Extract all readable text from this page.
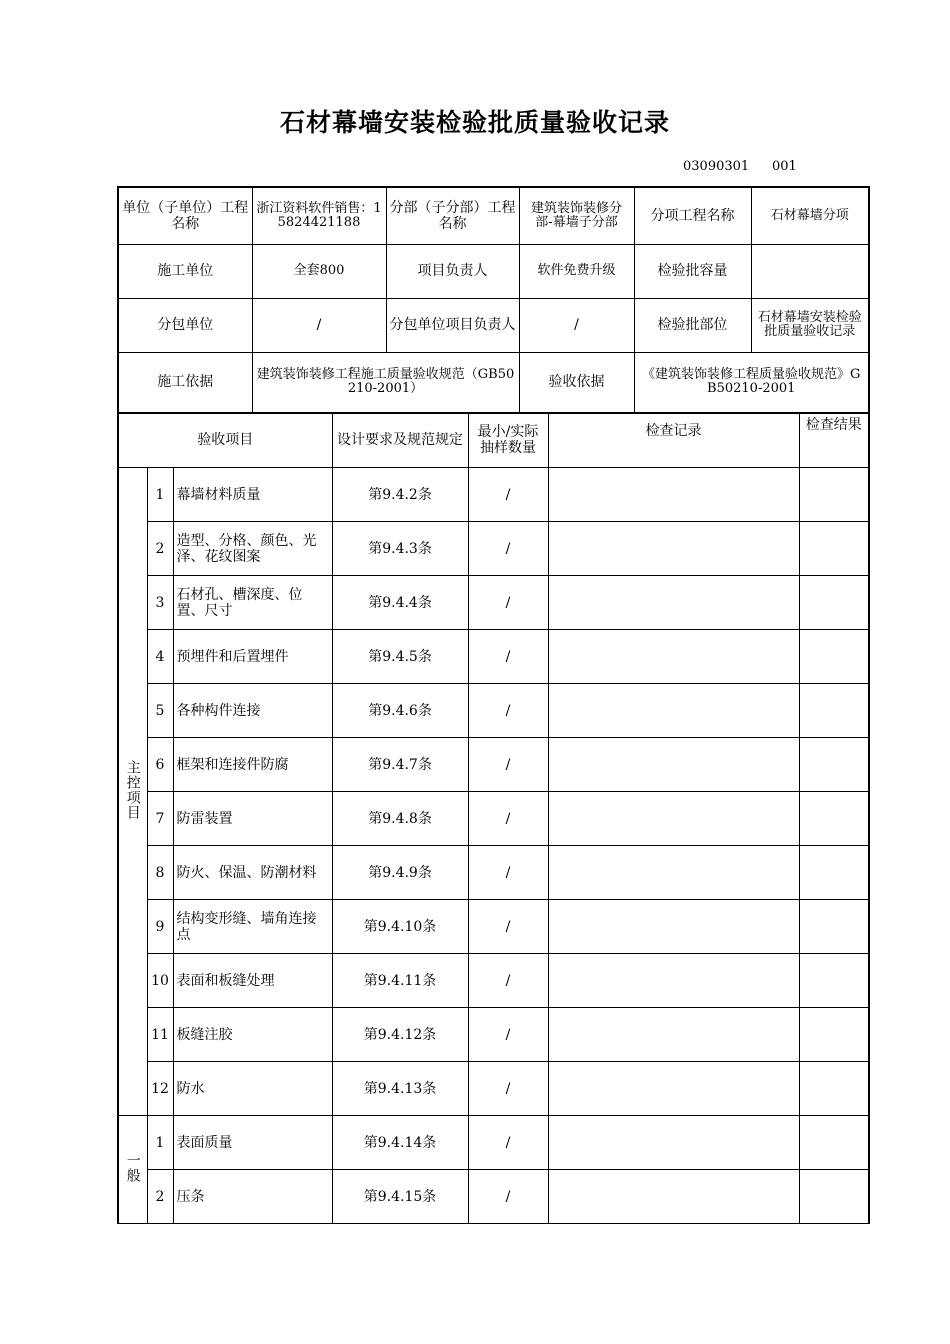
石材幕墙安装检验批质量验收记录
03090301 001
单位（子单位）工程名称	浙江资料软件销售：15824421188	分部（子分部）工程名称	建筑装饰装修分部-幕墙子分部	分项工程名称	石材幕墙分项
施工单位	全套800	项目负责人	软件免费升级	检验批容量	
分包单位	/	分包单位项目负责人	/	检验批部位	石材幕墙安装检验批质量验收记录
施工依据	建筑装饰装修工程施工质量验收规范（GB50210-2001）		验收依据	《建筑装饰装修工程质量验收规范》GB50210-2001	
验收项目			设计要求及规范规定	最小/实际抽样数量	检查记录	检查结果
主控项目	1	幕墙材料质量	第9.4.2条	/		
	2	造型、分格、颜色、光泽、花纹图案	第9.4.3条	/		
	3	石材孔、槽深度、位置、尺寸	第9.4.4条	/		
	4	预埋件和后置埋件	第9.4.5条	/		
	5	各种构件连接	第9.4.6条	/		
	6	框架和连接件防腐	第9.4.7条	/		
	7	防雷装置	第9.4.8条	/		
	8	防火、保温、防潮材料	第9.4.9条	/		
	9	结构变形缝、墙角连接点	第9.4.10条	/		
	10	表面和板缝处理	第9.4.11条	/		
	11	板缝注胶	第9.4.12条	/		
	12	防水	第9.4.13条	/		
一般	1	表面质量	第9.4.14条	/		
	2	压条	第9.4.15条	/		
